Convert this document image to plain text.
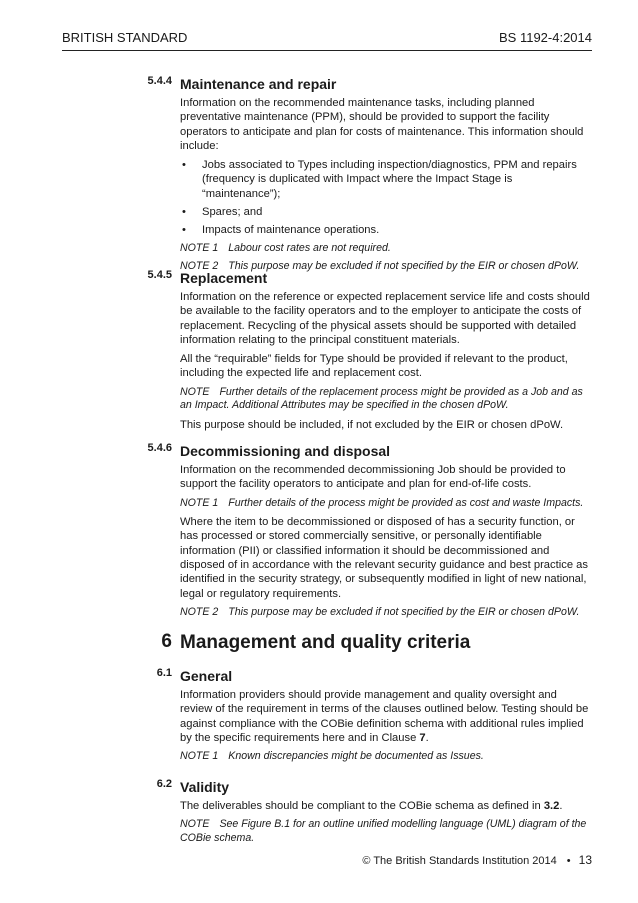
BRITISH STANDARD	BS 1192-4:2014
5.4.4 Maintenance and repair

Information on the recommended maintenance tasks, including planned preventative maintenance (PPM), should be provided to support the facility operators to anticipate and plan for costs of maintenance. This information should include:

• Jobs associated to Types including inspection/diagnostics, PPM and repairs (frequency is duplicated with Impact where the Impact Stage is “maintenance”);
• Spares; and
• Impacts of maintenance operations.

NOTE 1 Labour cost rates are not required.

NOTE 2 This purpose may be excluded if not specified by the EIR or chosen dPoW.

5.4.5 Replacement

Information on the reference or expected replacement service life and costs should be available to the facility operators and to the employer to anticipate the costs of replacement. Recycling of the physical assets should be supported with detailed information relating to the principal constituent materials.

All the “requirable” fields for Type should be provided if relevant to the product, including the expected life and replacement cost.

NOTE Further details of the replacement process might be provided as a Job and as an Impact. Additional Attributes may be specified in the chosen dPoW.

This purpose should be included, if not excluded by the EIR or chosen dPoW.

5.4.6 Decommissioning and disposal

Information on the recommended decommissioning Job should be provided to support the facility operators to anticipate and plan for end-of-life costs.

NOTE 1 Further details of the process might be provided as cost and waste Impacts.

Where the item to be decommissioned or disposed of has a security function, or has processed or stored commercially sensitive, or personally identifiable information (PII) or classified information it should be decommissioned and disposed of in accordance with the relevant security guidance and best practice as identified in the security strategy, or subsequently modified in light of new national, legal or regulatory requirements.

NOTE 2 This purpose may be excluded if not specified by the EIR or chosen dPoW.

6 Management and quality criteria
6.1 General

Information providers should provide management and quality oversight and review of the requirement in terms of the clauses outlined below. Testing should be against compliance with the COBie definition schema with additional rules implied by the specific requirements here and in Clause 7.

NOTE 1 Known discrepancies might be documented as Issues.

6.2 Validity

The deliverables should be compliant to the COBie schema as defined in 3.2.

NOTE See Figure B.1 for an outline unified modelling language (UML) diagram of the COBie schema.

© The British Standards Institution 2014 • 13
